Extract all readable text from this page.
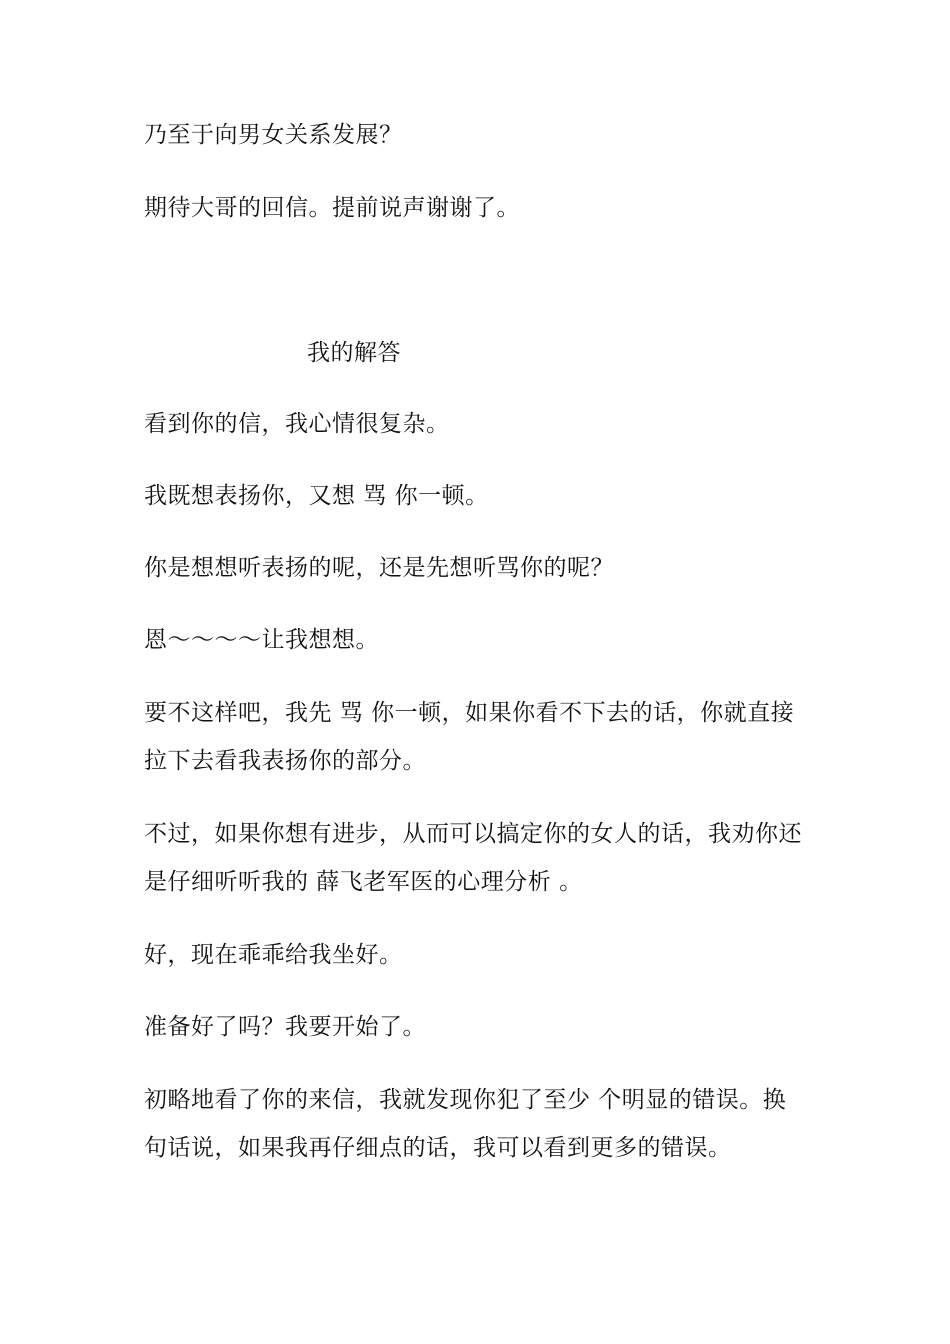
乃至于向男女关系发展？
期待大哥的回信。提前说声谢谢了。
我的解答
看到你的信，我心情很复杂。
我既想表扬你，又想 骂 你一顿。
你是想想听表扬的呢，还是先想听骂你的呢？
恩～～～～让我想想。
要不这样吧，我先 骂 你一顿，如果你看不下去的话，你就直接
拉下去看我表扬你的部分。
不过，如果你想有进步，从而可以搞定你的女人的话，我劝你还
是仔细听听我的 薛飞老军医的心理分析 。
好，现在乖乖给我坐好。
准备好了吗？我要开始了。
初略地看了你的来信，我就发现你犯了至少 个明显的错误。换
句话说，如果我再仔细点的话，我可以看到更多的错误。
